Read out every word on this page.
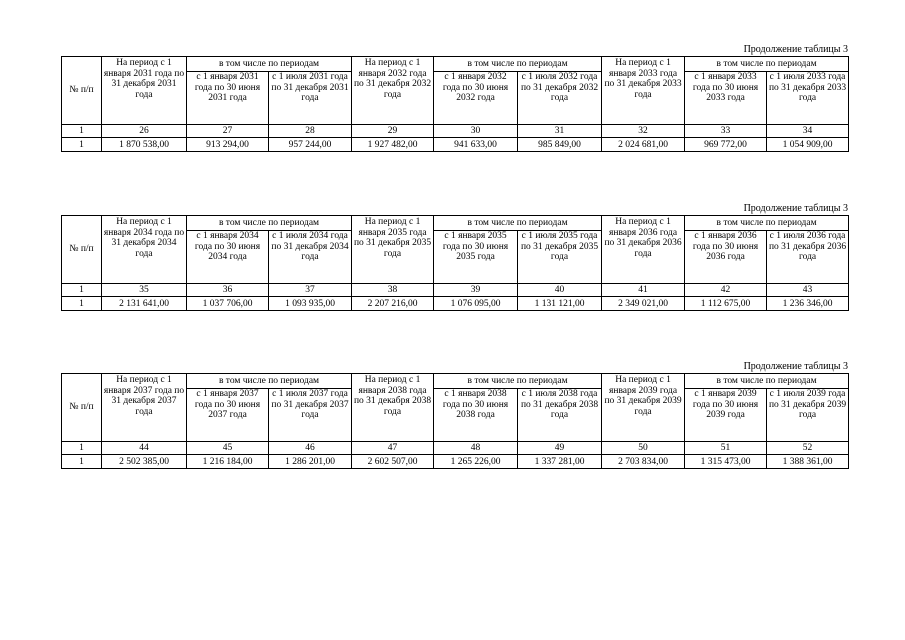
Продолжение таблицы 3
№ п/п	На период с 1 января 2031 года по 31 декабря 2031 года	в том числе по периодам		На период с 1 января 2032 года по 31 декабря 2032 года	в том числе по периодам		На период с 1 января 2033 года по 31 декабря 2033 года	в том числе по периодам	
		с 1 января 2031 года по 30 июня 2031 года	с 1 июля 2031 года по 31 декабря 2031 года		с 1 января 2032 года по 30 июня 2032 года	с 1 июля 2032 года по 31 декабря 2032 года		с 1 января 2033 года по 30 июня 2033 года	с 1 июля 2033 года по 31 декабря 2033 года
1	26	27	28	29	30	31	32	33	34
1	1 870 538,00	913 294,00	957 244,00	1 927 482,00	941 633,00	985 849,00	2 024 681,00	969 772,00	1 054 909,00
Продолжение таблицы 3
№ п/п	На период с 1 января 2034 года по 31 декабря 2034 года	в том числе по периодам		На период с 1 января 2035 года по 31 декабря 2035 года	в том числе по периодам		На период с 1 января 2036 года по 31 декабря 2036 года	в том числе по периодам	
		с 1 января 2034 года по 30 июня 2034 года	с 1 июля 2034 года по 31 декабря 2034 года		с 1 января 2035 года по 30 июня 2035 года	с 1 июля 2035 года по 31 декабря 2035 года		с 1 января 2036 года по 30 июня 2036 года	с 1 июля 2036 года по 31 декабря 2036 года
1	35	36	37	38	39	40	41	42	43
1	2 131 641,00	1 037 706,00	1 093 935,00	2 207 216,00	1 076 095,00	1 131 121,00	2 349 021,00	1 112 675,00	1 236 346,00
Продолжение таблицы 3
№ п/п	На период с 1 января 2037 года по 31 декабря 2037 года	в том числе по периодам		На период с 1 января 2038 года по 31 декабря 2038 года	в том числе по периодам		На период с 1 января 2039 года по 31 декабря 2039 года	в том числе по периодам	
		с 1 января 2037 года по 30 июня 2037 года	с 1 июля 2037 года по 31 декабря 2037 года		с 1 января 2038 года по 30 июня 2038 года	с 1 июля 2038 года по 31 декабря 2038 года		с 1 января 2039 года по 30 июня 2039 года	с 1 июля 2039 года по 31 декабря 2039 года
1	44	45	46	47	48	49	50	51	52
1	2 502 385,00	1 216 184,00	1 286 201,00	2 602 507,00	1 265 226,00	1 337 281,00	2 703 834,00	1 315 473,00	1 388 361,00
